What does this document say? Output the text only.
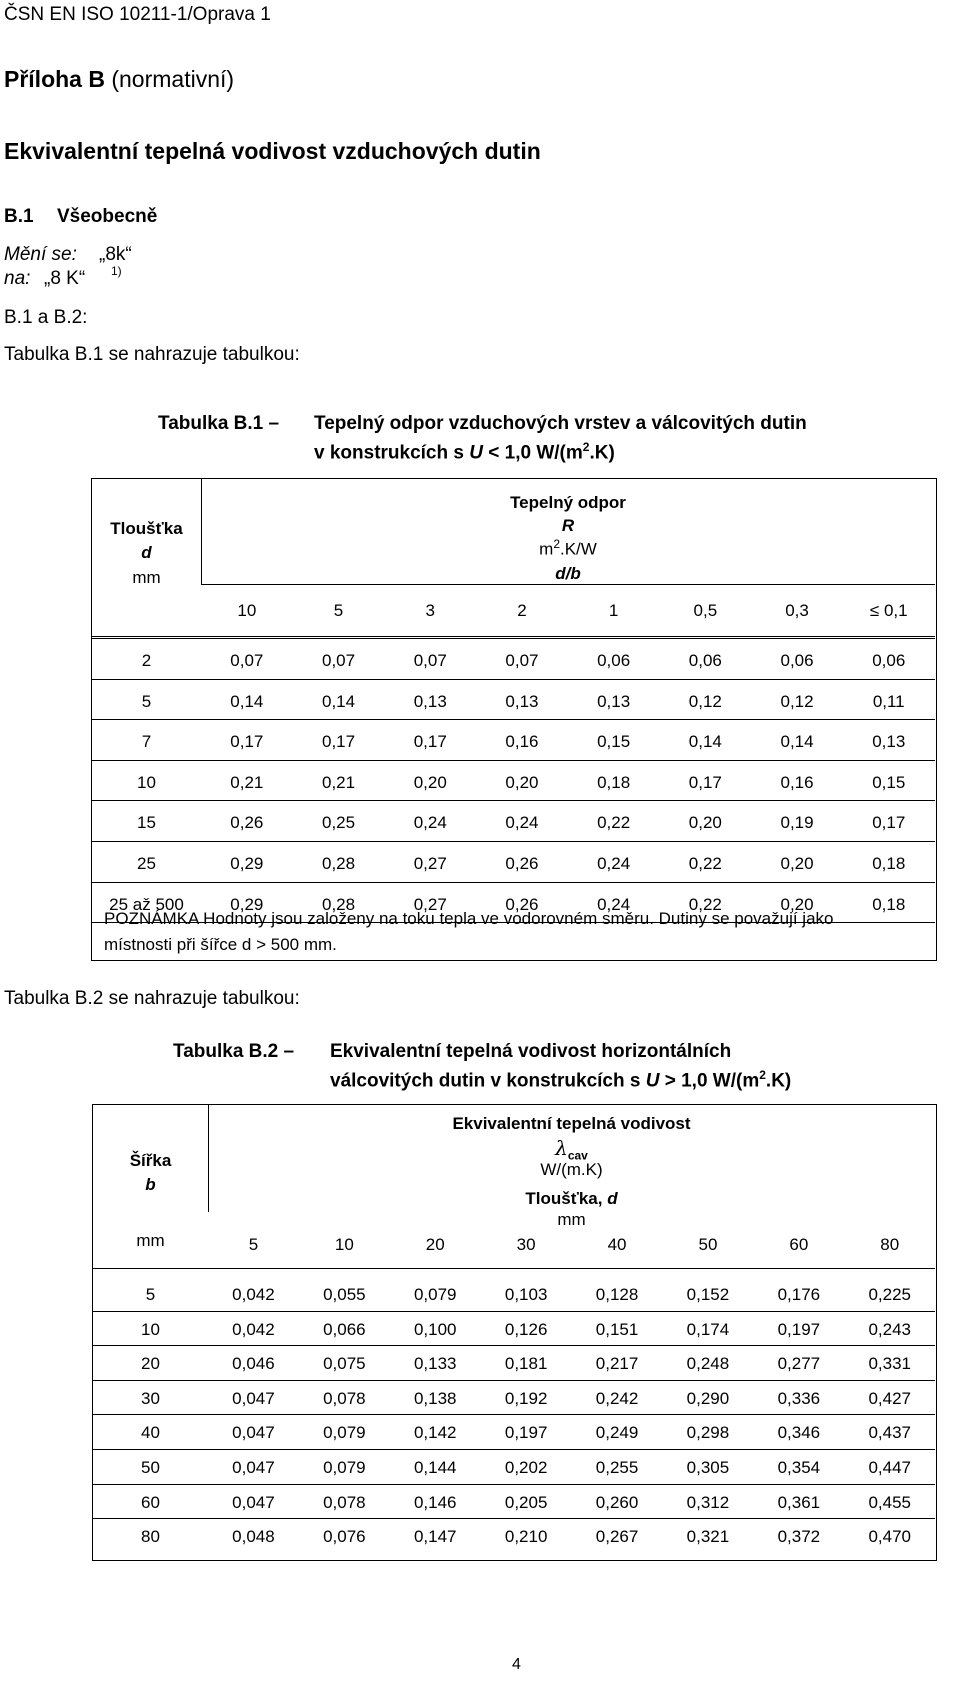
ČSN EN ISO 10211-1/Oprava 1
Příloha B (normativní)
Ekvivalentní tepelná vodivost vzduchových dutin
B.1 Všeobecně
Mění se: „8k“
na: „8 K“ 1)
B.1 a B.2:
Tabulka B.1 se nahrazuje tabulkou:
Tabulka B.1 – Tepelný odpor vzduchových vrstev a válcovitých dutin
v konstrukcích s U < 1,0 $W/(m^2.K)$
Tloušťka
d
mm
Tepelný odpor
R
$m^2.K/W$
d/b
10	5	3	2	1	0,5	0,3	≤ 0,1
2	0,07	0,07	0,07	0,07	0,06	0,06	0,06	0,06
5	0,14	0,14	0,13	0,13	0,13	0,12	0,12	0,11
7	0,17	0,17	0,17	0,16	0,15	0,14	0,14	0,13
10	0,21	0,21	0,20	0,20	0,18	0,17	0,16	0,15
15	0,26	0,25	0,24	0,24	0,22	0,20	0,19	0,17
25	0,29	0,28	0,27	0,26	0,24	0,22	0,20	0,18
25 až 500	0,29	0,28	0,27	0,26	0,24	0,22	0,20	0,18
POZNÁMKA Hodnoty jsou založeny na toku tepla ve vodorovném směru. Dutiny se považují jako
místnosti při šířce d > 500 mm.
Tabulka B.2 se nahrazuje tabulkou:
Tabulka B.2 – Ekvivalentní tepelná vodivost horizontálních
válcovitých dutin v konstrukcích s U > 1,0 $W/(m^2.K)$
Šířka
b
mm
Ekvivalentní tepelná vodivost
$\lambda_{cav}$
W/(m.K)
Tloušťka, d
mm
5	10	20	30	40	50	60	80
5	0,042	0,055	0,079	0,103	0,128	0,152	0,176	0,225
10	0,042	0,066	0,100	0,126	0,151	0,174	0,197	0,243
20	0,046	0,075	0,133	0,181	0,217	0,248	0,277	0,331
30	0,047	0,078	0,138	0,192	0,242	0,290	0,336	0,427
40	0,047	0,079	0,142	0,197	0,249	0,298	0,346	0,437
50	0,047	0,079	0,144	0,202	0,255	0,305	0,354	0,447
60	0,047	0,078	0,146	0,205	0,260	0,312	0,361	0,455
80	0,048	0,076	0,147	0,210	0,267	0,321	0,372	0,470
4
